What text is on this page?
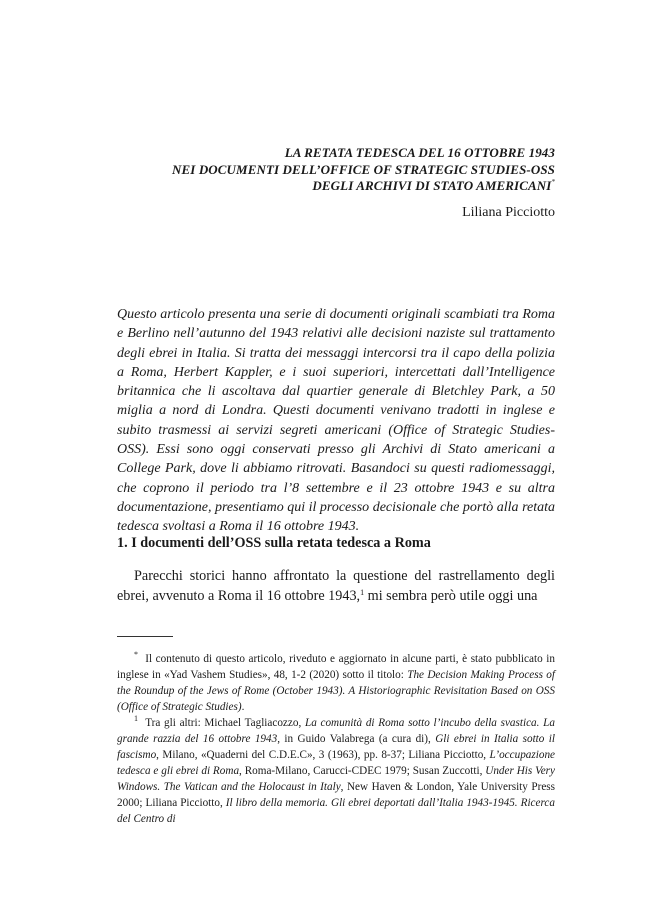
LA RETATA TEDESCA DEL 16 OTTOBRE 1943
NEI DOCUMENTI DELL’OFFICE OF STRATEGIC STUDIES-OSS
DEGLI ARCHIVI DI STATO AMERICANI*
Liliana Picciotto
Questo articolo presenta una serie di documenti originali scambiati tra Roma e Berlino nell’autunno del 1943 relativi alle decisioni naziste sul trattamento degli ebrei in Italia. Si tratta dei messaggi intercorsi tra il capo della polizia a Roma, Herbert Kappler, e i suoi superiori, intercettati dall’Intelligence britannica che li ascoltava dal quartier generale di Bletchley Park, a 50 miglia a nord di Londra. Questi documenti venivano tradotti in inglese e subito trasmessi ai servizi segreti americani (Office of Strategic Studies-OSS). Essi sono oggi conservati presso gli Archivi di Stato americani a College Park, dove li abbiamo ritrovati. Basandoci su questi radiomessaggi, che coprono il periodo tra l’8 settembre e il 23 ottobre 1943 e su altra documentazione, presentiamo qui il processo decisionale che portò alla retata tedesca svoltasi a Roma il 16 ottobre 1943.
1. I documenti dell’OSS sulla retata tedesca a Roma
Parecchi storici hanno affrontato la questione del rastrellamento degli ebrei, avvenuto a Roma il 16 ottobre 1943,$^1$ mi sembra però utile oggi una

* Il contenuto di questo articolo, riveduto e aggiornato in alcune parti, è stato pubblicato in inglese in «Yad Vashem Studies», 48, 1-2 (2020) sotto il titolo: The Decision Making Process of the Roundup of the Jews of Rome (October 1943). A Historiographic Revisitation Based on OSS (Office of Strategic Studies).

$^1$ Tra gli altri: Michael Tagliacozzo, La comunità di Roma sotto l’incubo della svastica. La grande razzia del 16 ottobre 1943, in Guido Valabrega (a cura di), Gli ebrei in Italia sotto il fascismo, Milano, «Quaderni del C.D.E.C», 3 (1963), pp. 8-37; Liliana Picciotto, L’occupazione tedesca e gli ebrei di Roma, Roma-Milano, Carucci-CDEC 1979; Susan Zuccotti, Under His Very Windows. The Vatican and the Holocaust in Italy, New Haven & London, Yale University Press 2000; Liliana Picciotto, Il libro della memoria. Gli ebrei deportati dall’Italia 1943-1945. Ricerca del Centro di
